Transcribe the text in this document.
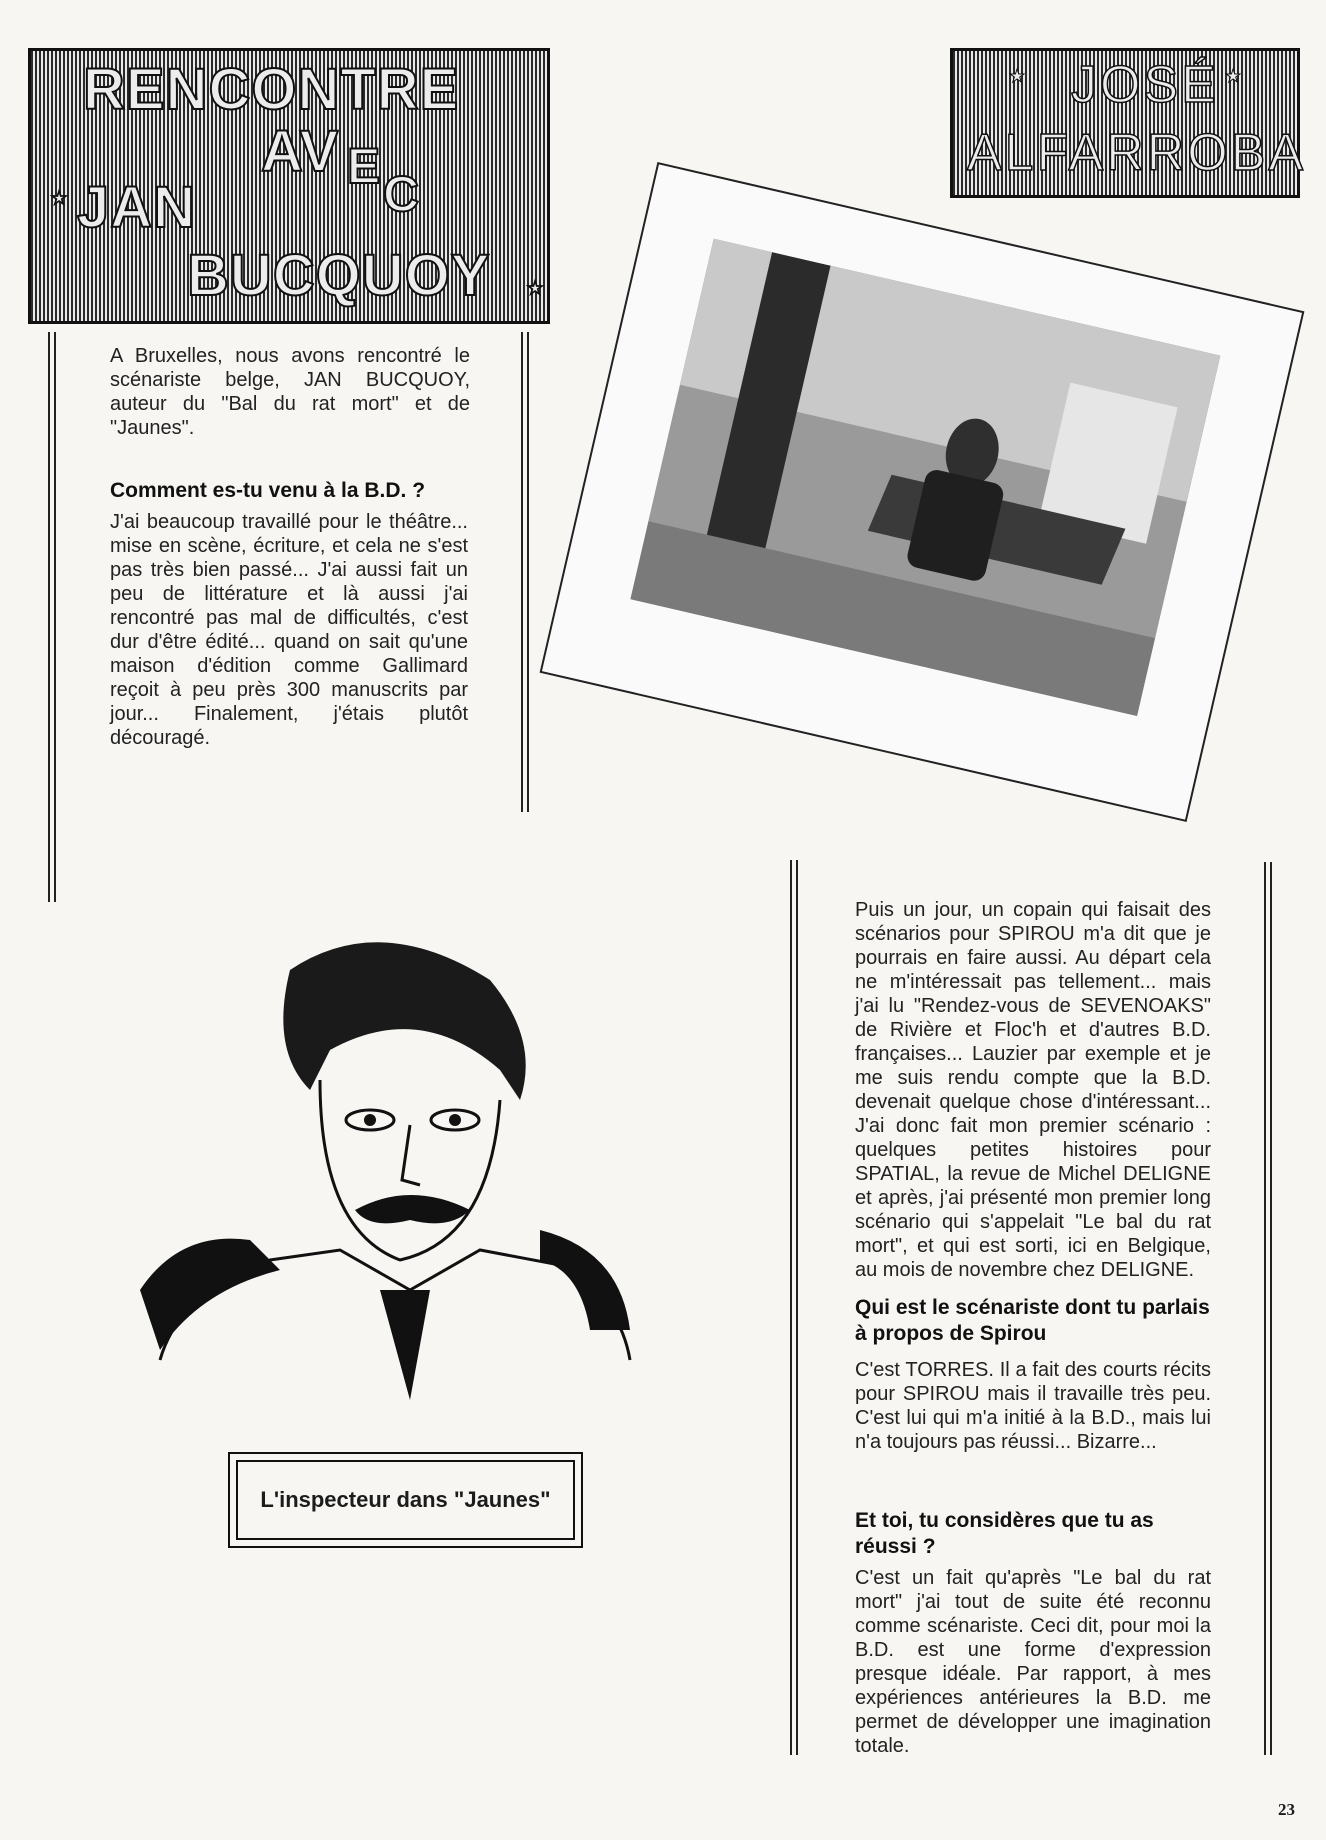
RENCONTRE
AV E C
★ JAN
BUCQUOY ★
★ JOSÉ ★
ALFARROBA
A Bruxelles, nous avons rencontré le scénariste belge, JAN BUCQUOY, auteur du "Bal du rat mort" et de "Jaunes".
Comment es-tu venu à la B.D. ?
J'ai beaucoup travaillé pour le théâtre... mise en scène, écriture, et cela ne s'est pas très bien passé... J'ai aussi fait un peu de littérature et là aussi j'ai rencontré pas mal de difficultés, c'est dur d'être édité... quand on sait qu'une maison d'édition comme Gallimard reçoit à peu près 300 manuscrits par jour... Finalement, j'étais plutôt découragé.
Puis un jour, un copain qui faisait des scénarios pour SPIROU m'a dit que je pourrais en faire aussi. Au départ cela ne m'intéressait pas tellement... mais j'ai lu "Rendez-vous de SEVENOAKS" de Rivière et Floc'h et d'autres B.D. françaises... Lauzier par exemple et je me suis rendu compte que la B.D. devenait quelque chose d'intéressant... J'ai donc fait mon premier scénario : quelques petites histoires pour SPATIAL, la revue de Michel DELIGNE et après, j'ai présenté mon premier long scénario qui s'appelait "Le bal du rat mort", et qui est sorti, ici en Belgique, au mois de novembre chez DELIGNE.
Qui est le scénariste dont tu parlais à propos de Spirou
C'est TORRES. Il a fait des courts récits pour SPIROU mais il travaille très peu. C'est lui qui m'a initié à la B.D., mais lui n'a toujours pas réussi... Bizarre...
Et toi, tu considères que tu as réussi ?
C'est un fait qu'après "Le bal du rat mort" j'ai tout de suite été reconnu comme scénariste. Ceci dit, pour moi la B.D. est une forme d'expression presque idéale. Par rapport, à mes expériences antérieures la B.D. me permet de développer une imagination totale.
L'inspecteur dans "Jaunes"
23
